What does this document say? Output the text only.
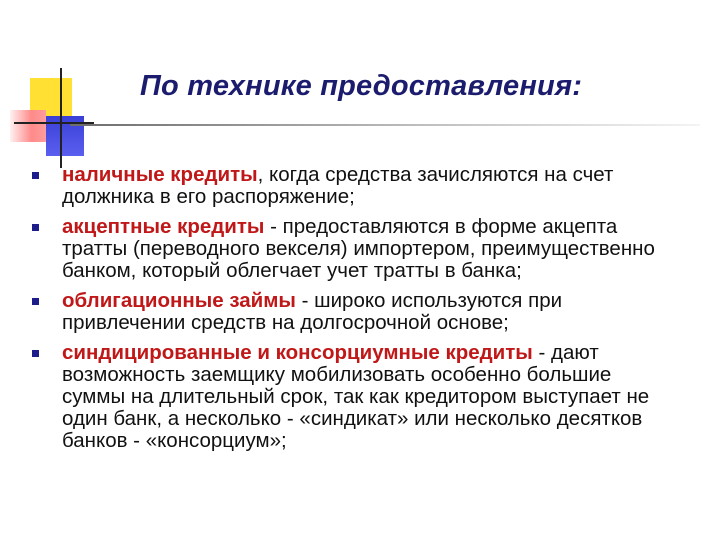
По технике предоставления:
наличные кредиты, когда средства зачисляются на счет должника в его распоряжение;
акцептные кредиты - предоставляются в форме акцепта тратты (переводного векселя) импортером, преимущественно банком, который облегчает учет тратты в банка;
облигационные займы - широко используются при привлечении средств на долгосрочной основе;
синдицированные и консорциумные кредиты - дают возможность заемщику мобилизовать особенно большие суммы на длительный срок, так как кредитором выступает не один банк, а несколько - «синдикат» или несколько десятков банков - «консорциум»;
